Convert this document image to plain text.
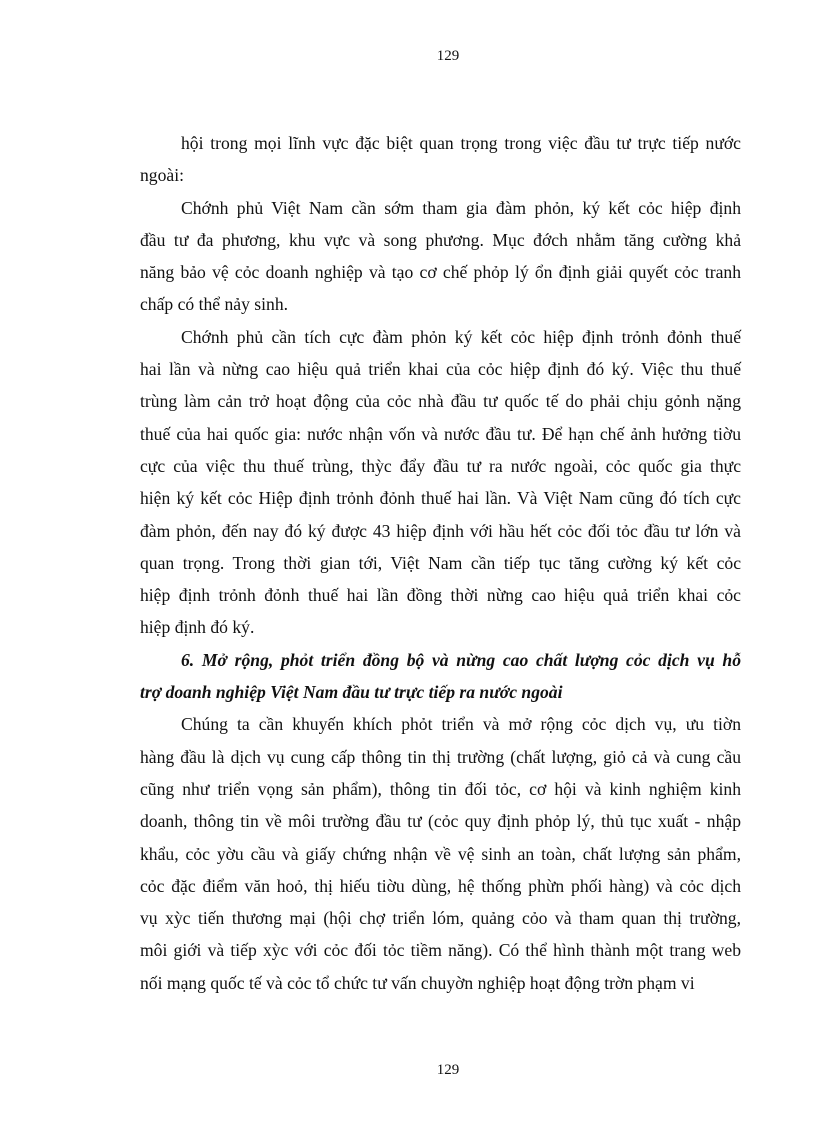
129
hội trong mọi lĩnh vực đặc biệt quan trọng trong việc đầu tư trực tiếp nước
ngoài:
Chớnh phủ Việt Nam cần sớm tham gia đàm phỏn, ký kết cỏc hiệp định
đầu tư đa phương, khu vực và song phương. Mục đớch nhằm tăng cường khả
năng bảo vệ cỏc doanh nghiệp và tạo cơ chế phỏp lý ổn định giải quyết cỏc tranh
chấp có thể nảy sinh.
Chớnh phủ cần tích cực đàm phỏn ký kết cỏc hiệp định trỏnh đỏnh thuế
hai lần và nừng cao hiệu quả triển khai của cỏc hiệp định đó ký. Việc thu thuế
trùng làm cản trở hoạt động của cỏc nhà đầu tư quốc tế do phải chịu gỏnh nặng
thuế của hai quốc gia: nước nhận vốn và nước đầu tư. Để hạn chế ảnh hưởng tiờu
cực của việc thu thuế trùng, thỳc đẩy đầu tư ra nước ngoài, cỏc quốc gia thực
hiện ký kết cỏc Hiệp định trỏnh đỏnh thuế hai lần. Và Việt Nam cũng đó tích cực
đàm phỏn, đến nay đó ký được 43 hiệp định với hầu hết cỏc đối tỏc đầu tư lớn và
quan trọng. Trong thời gian tới, Việt Nam cần tiếp tục tăng cường ký kết cỏc
hiệp định trỏnh đỏnh thuế hai lần đồng thời nừng cao hiệu quả triển khai cỏc
hiệp định đó ký.
6. Mở rộng, phỏt triển đồng bộ và nừng cao chất lượng cỏc dịch vụ hỗ
trợ doanh nghiệp Việt Nam đầu tư trực tiếp ra nước ngoài
Chúng ta cần khuyến khích phỏt triển và mở rộng cỏc dịch vụ, ưu tiờn
hàng đầu là dịch vụ cung cấp thông tin thị trường (chất lượng, giỏ cả và cung cầu
cũng như triển vọng sản phẩm), thông tin đối tỏc, cơ hội và kinh nghiệm kinh
doanh, thông tin về môi trường đầu tư (cỏc quy định phỏp lý, thủ tục xuất - nhập
khẩu, cỏc yờu cầu và giấy chứng nhận về vệ sinh an toàn, chất lượng sản phẩm,
cỏc đặc điểm văn hoỏ, thị hiếu tiờu dùng, hệ thống phừn phối hàng) và cỏc dịch
vụ xỳc tiến thương mại (hội chợ triển lóm, quảng cỏo và tham quan thị trường,
môi giới và tiếp xỳc với cỏc đối tỏc tiềm năng). Có thể hình thành một trang web
nối mạng quốc tế và cỏc tổ chức tư vấn chuyờn nghiệp hoạt động trờn phạm vi
129
